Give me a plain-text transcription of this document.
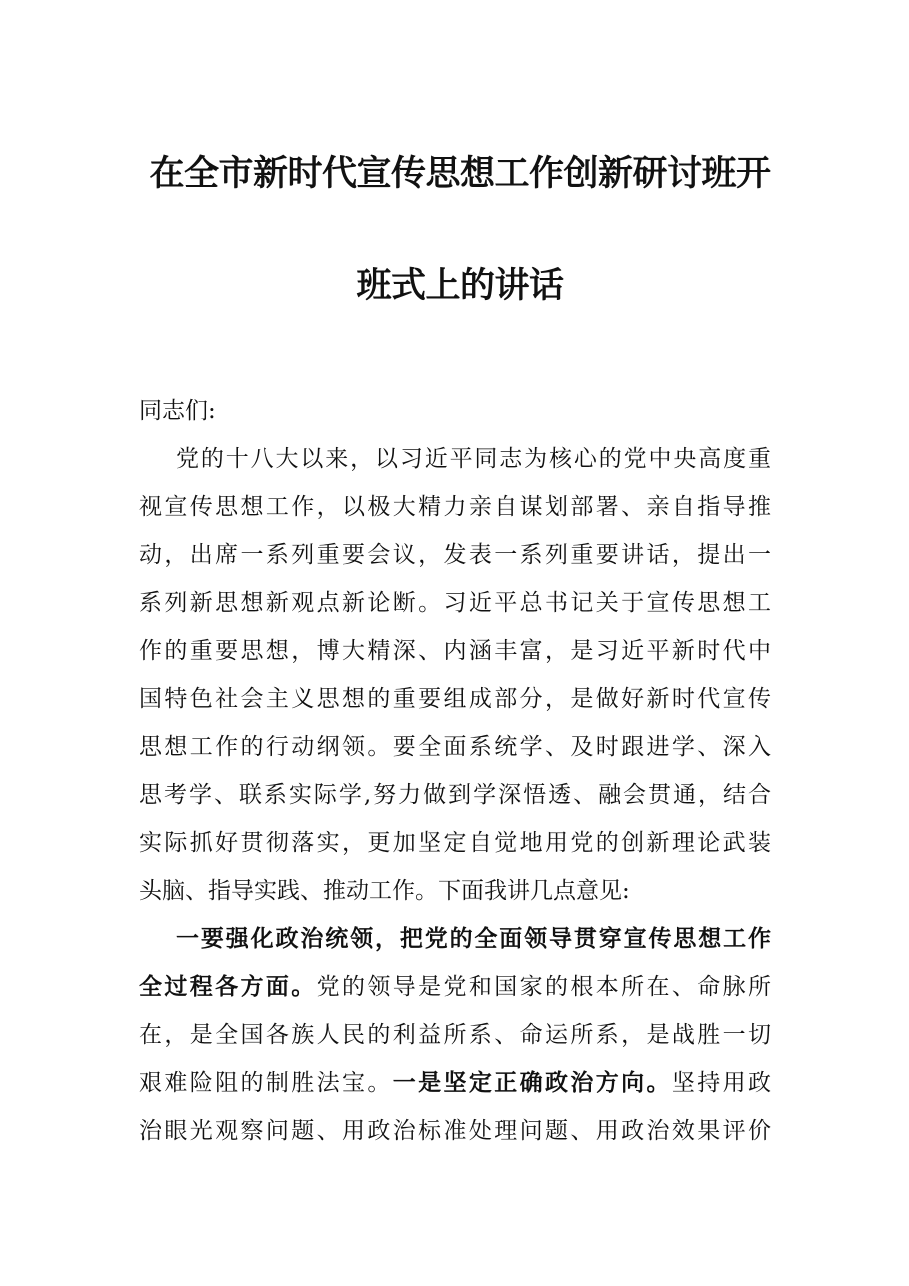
在全市新时代宣传思想工作创新研讨班开
班式上的讲话
同志们:
党的十八大以来，以习近平同志为核心的党中央高度重
视宣传思想工作，以极大精力亲自谋划部署、亲自指导推
动，出席一系列重要会议，发表一系列重要讲话，提出一
系列新思想新观点新论断。习近平总书记关于宣传思想工
作的重要思想，博大精深、内涵丰富，是习近平新时代中
国特色社会主义思想的重要组成部分，是做好新时代宣传
思想工作的行动纲领。要全面系统学、及时跟进学、深入
思考学、联系实际学,努力做到学深悟透、融会贯通，结合
实际抓好贯彻落实，更加坚定自觉地用党的创新理论武装
头脑、指导实践、推动工作。下面我讲几点意见:
一要强化政治统领，把党的全面领导贯穿宣传思想工作
全过程各方面。党的领导是党和国家的根本所在、命脉所
在，是全国各族人民的利益所系、命运所系，是战胜一切
艰难险阻的制胜法宝。一是坚定正确政治方向。坚持用政
治眼光观察问题、用政治标准处理问题、用政治效果评价
